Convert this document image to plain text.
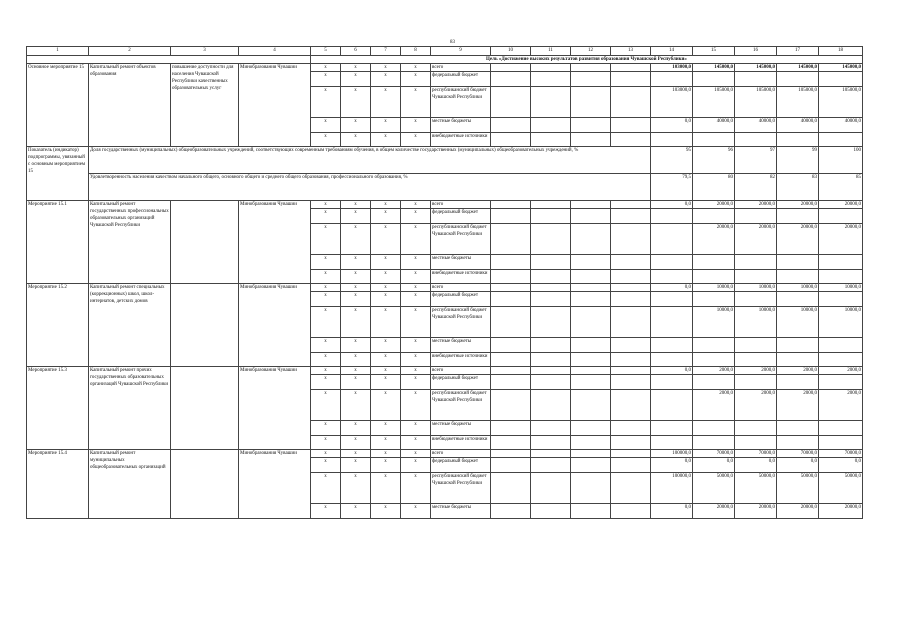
83
1	2	3	4	5	6	7	8	9	10	11	12	13	14	15	16	17	18
				Цель «Достижение высоких результатов развития образования Чувашской Республики»													
Основное мероприятие 15	Капитальный ремонт объектов образования	повышение доступности для населения Чувашской Республики качественных образовательных услуг	Минобразования Чувашии	x	x	x	x	всего					103000,0	145000,0	145000,0	145000,0	145000,0
				x	x	x	x	федеральный бюджет									
				x	x	x	x	республиканский бюджет Чувашской Республики					103000,0	105000,0	105000,0	105000,0	105000,0
				x	x	x	x	местные бюджеты					0,0	40000,0	40000,0	40000,0	40000,0
				x	x	x	x	внебюджетные источники									
Показатель (индикатор) подпрограммы, увязанный с основным мероприятием 15	Доля государственных (муниципальных) общеобразовательных учреждений, соответствующих современным требованиям обучения, в общем количестве государственных (муниципальных) общеобразовательных учреждений, %												95	96	97	99	100
	Удовлетворенность населения качеством начального общего, основного общего и среднего общего образования, профессионального образования, %												79,5	80	82	83	85
Мероприятие 15.1	Капитальный ремонт государственных профессиональных образовательных организаций Чувашской Республики		Минобразования Чувашии	x	x	x	x	всего					0,0	20000,0	20000,0	20000,0	20000,0
				x	x	x	x	федеральный бюджет									
				x	x	x	x	республиканский бюджет Чувашской Республики						20000,0	20000,0	20000,0	20000,0
				x	x	x	x	местные бюджеты									
				x	x	x	x	внебюджетные источники									
Мероприятие 15.2	Капитальный ремонт специальных (коррекционных) школ, школ-интернатов, детских домов		Минобразования Чувашии	x	x	x	x	всего					0,0	10000,0	10000,0	10000,0	10000,0
				x	x	x	x	федеральный бюджет									
				x	x	x	x	республиканский бюджет Чувашской Республики						10000,0	10000,0	10000,0	10000,0
				x	x	x	x	местные бюджеты									
				x	x	x	x	внебюджетные источники									
Мероприятие 15.3	Капитальный ремонт прочих государственных образовательных организаций Чувашской Республики		Минобразования Чувашии	x	x	x	x	всего					0,0	2000,0	2000,0	2000,0	2000,0
				x	x	x	x	федеральный бюджет									
				x	x	x	x	республиканский бюджет Чувашской Республики						2000,0	2000,0	2000,0	2000,0
				x	x	x	x	местные бюджеты									
				x	x	x	x	внебюджетные источники									
Мероприятие 15.4	Капитальный ремонт муниципальных общеобразовательных организаций		Минобразования Чувашии	x	x	x	x	всего					100000,0	70000,0	70000,0	70000,0	70000,0
				x	x	x	x	федеральный бюджет					0,0	0,0	0,0	0,0	0,0
				x	x	x	x	республиканский бюджет Чувашской Республики					100000,0	50000,0	50000,0	50000,0	50000,0
				x	x	x	x	местные бюджеты					0,0	20000,0	20000,0	20000,0	20000,0
